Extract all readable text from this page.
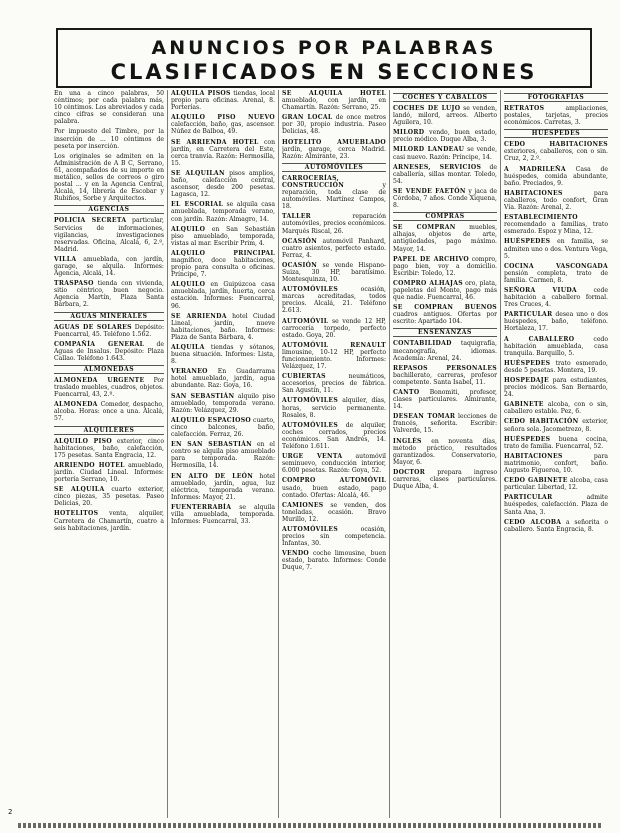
ANUNCIOS POR PALABRAS
CLASIFICADOS EN SECCIONES
En una a cinco palabras, 50 céntimos; por cada palabra más, 10 céntimos. Los abreviados y cada cinco cifras se consideran una palabra.
Por impuesto del Timbre, por la inserción de ... 10 céntimos de peseta por inserción.
Los originales se admiten en la Administración de A B C, Serrano, 61, acompañados de su importe en metálico, sellos de correos o giro postal ... y en la Agencia Central, Alcalá, 14, librería de Escobar y Rubiños, Sorbe y Arquitectos.
AGENCIAS
POLICIA SECRETA particular, Servicios de informaciones, vigilancias, investigaciones reservadas. Oficina, Alcalá, 6, 2.º, Madrid.
VILLA amueblada, con jardín, garage, se alquila. Informes: Agencia, Alcalá, 14.
TRASPASO tienda con vivienda, sitio céntrico, buen negocio. Agencia Martín, Plaza Santa Bárbara, 2.
AGUAS MINERALES
AGUAS DE SOLARES Depósito: Fuencarral, 45. Teléfono 1.562.
COMPAÑÍA GENERAL de Aguas de Insalus. Depósito: Plaza Callao. Teléfono 1.643.
ALMONEDAS
ALMONEDA URGENTE Por traslado muebles, cuadros, objetos. Fuencarral, 43, 2.º.
ALMONEDA Comedor, despacho, alcoba. Horas: once a una. Alcalá, 57.
ALQUILERES
ALQUILO PISO exterior, cinco habitaciones, baño, calefacción, 175 pesetas. Santa Engracia, 12.
ARRIENDO HOTEL amueblado, jardín. Ciudad Lineal. Informes: portería Serrano, 10.
SE ALQUILA cuarto exterior, cinco piezas, 35 pesetas. Paseo Delicias, 20.
HOTELITOS venta, alquiler, Carretera de Chamartín, cuatro a seis habitaciones, jardín.
ALQUILA PISOS tiendas, local propio para oficinas. Arenal, 8. Porterías.
ALQUILO PISO NUEVO calefacción, baño, gas, ascensor. Núñez de Balboa, 49.
SE ARRIENDA HOTEL con jardín, en Carretera del Este, cerca tranvía. Razón: Hermosilla, 15.
SE ALQUILAN pisos amplios, baño, calefacción central, ascensor, desde 200 pesetas. Lagasca, 12.
EL ESCORIAL se alquila casa amueblada, temporada verano, con jardín. Razón: Almagro, 14.
ALQUILO en San Sebastián piso amueblado, temporada, vistas al mar. Escribir Prim, 4.
ALQUILO PRINCIPAL magnífico, doce habitaciones, propio para consulta o oficinas. Príncipe, 7.
ALQUILO en Guipúzcoa casa amueblada, jardín, huerta, cerca estación. Informes: Fuencarral, 96.
SE ARRIENDA hotel Ciudad Lineal, jardín, nueve habitaciones, baño. Informes: Plaza de Santa Bárbara, 4.
ALQUILA tiendas y sótanos, buena situación. Informes: Lista, 8.
VERANEO En Guadarrama hotel amueblado, jardín, agua abundante. Raz: Goya, 16.
SAN SEBASTIÁN alquilo piso amueblado, temporada verano. Razón: Velázquez, 29.
ALQUILO ESPACIOSO cuarto, cinco balcones, baño, calefacción. Ferraz, 26.
EN SAN SEBASTIÁN en el centro se alquila piso amueblado para temporada. Razón: Hermosilla, 14.
EN ALTO DE LEÓN hotel amueblado, jardín, agua, luz eléctrica, temporada verano. Informes: Mayor, 21.
FUENTERRABÍA se alquila villa amueblada, temporada. Informes: Fuencarral, 33.
SE ALQUILA HOTEL amueblado, con jardín, en Chamartín. Razón: Serrano, 25.
GRAN LOCAL de once metros por 30, propio industria. Paseo Delicias, 48.
HOTELITO AMUEBLADO jardín, garage, cerca Madrid. Razón: Almirante, 23.
AUTOMÓVILES
CARROCERÍAS, CONSTRUCCIÓN	y reparación, toda clase de automóviles. Martínez Campos, 18.
TALLER	reparación automóviles, precios económicos. Marqués Riscal, 26.
OCASIÓN automóvil Panhard, cuatro asientos, perfecto estado. Ferraz, 4.
OCASIÓN se vende Hispano-Suiza, 30 HP, baratísimo. Montesquinza, 10.
AUTOMÓVILES	ocasión, marcas acreditadas, todos precios. Alcalá, 21. Teléfono 2.613.
AUTOMÓVIL se vende 12 HP, carrocería torpedo, perfecto estado. Goya, 20.
AUTOMÓVIL RENAULT limousine, 10-12 HP, perfecto funcionamiento. Informes: Velázquez, 17.
CUBIERTAS	neumáticos, accesorios, precios de fábrica. San Agustín, 11.
AUTOMÓVILES alquiler, días, horas, servicio permanente. Rosales, 8.
AUTOMÓVILES de alquiler, coches cerrados, precios económicos. San Andrés, 14. Teléfono 1.611.
URGE VENTA automóvil seminuevo, conducción interior, 6.000 pesetas. Razón: Goya, 52.
COMPRO AUTOMÓVIL usado, buen estado, pago contado. Ofertas: Alcalá, 46.
CAMIONES se venden, dos toneladas, ocasión. Bravo Murillo, 12.
AUTOMÓVILES	ocasión, precios sin competencia. Infantas, 30.
VENDO coche limousine, buen estado, barato. Informes: Conde Duque, 7.
COCHES Y CABALLOS
COCHES DE LUJO se venden, landó, milord, arreos. Alberto Aguilera, 10.
MILORD vendo, buen estado, precio módico. Duque Alba, 3.
MILORD LANDEAU se vende, casi nuevo. Razón: Príncipe, 14.
ARNESES, SERVICIOS de caballería, sillas montar. Toledo, 54.
SE VENDE FAETÓN y jaca de Córdoba, 7 años. Conde Xiquena, 8.
COMPRAS
SE COMPRAN muebles, alhajas, objetos de arte, antigüedades, pago máximo. Mayor, 14.
PAPEL DE ARCHIVO compro, pago bien, voy a domicilio. Escribir: Toledo, 12.
COMPRO ALHAJAS oro, plata, papeletas del Monte, pago más que nadie. Fuencarral, 46.
SE COMPRAN BUENOS cuadros antiguos. Ofertas por escrito: Apartado 104.
ENSEÑANZAS
CONTABILIDAD taquigrafía, mecanografía, idiomas. Academia: Arenal, 24.
REPASOS PERSONALES bachillerato, carreras, profesor competente. Santa Isabel, 11.
CANTO Bonomiti, profesor, clases particulares. Almirante, 14.
DESEAN TOMAR lecciones de francés, señorita. Escribir: Valverde, 15.
INGLÉS en noventa días, método práctico, resultados garantizados. Conservatorio, Mayor, 6.
DOCTOR prepara ingreso carreras, clases particulares. Duque Alba, 4.
FOTOGRAFÍAS
RETRATOS	ampliaciones, postales, tarjetas, precios económicos. Carretas, 3.
HUÉSPEDES
CEDO HABITACIONES exteriores, caballeros, con o sin. Cruz, 2, 2.º.
A MADRILEÑA Casa de huéspedes, comida abundante, baño. Preciados, 9.
HABITACIONES	para caballeros, todo confort, Gran Vía. Razón: Arenal, 2.
ESTABLECIMIENTO recomendado a familias, trato esmerado. Espoz y Mina, 12.
HUÉSPEDES en familia, se admiten uno o dos. Ventura Vega, 5.
COCINA VASCONGADA pensión completa, trato de familia. Carmen, 8.
SEÑORA VIUDA	cede habitación a caballero formal. Tres Cruces, 4.
PARTICULAR desea uno o dos huéspedes, baño, teléfono. Hortaleza, 17.
A CABALLERO	cedo habitación amueblada, casa tranquila. Barquillo, 5.
HUÉSPEDES trato esmerado, desde 5 pesetas. Montera, 19.
HOSPEDAJE para estudiantes, precios módicos. San Bernardo, 24.
GABINETE alcoba, con o sin, caballero estable. Pez, 6.
CEDO HABITACIÓN exterior, señora sola. Jacometrezo, 8.
HUÉSPEDES buena cocina, trato de familia. Fuencarral, 52.
HABITACIONES	para matrimonio, confort, baño. Augusto Figueroa, 10.
CEDO GABINETE alcoba, casa particular. Libertad, 12.
PARTICULAR	admite huéspedes, calefacción. Plaza de Santa Ana, 3.
CEDO ALCOBA a señorita o caballero. Santa Engracia, 8.
2
